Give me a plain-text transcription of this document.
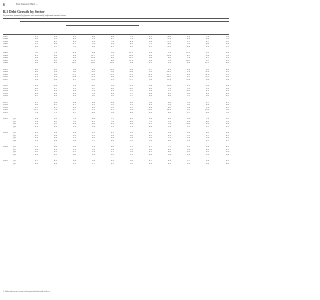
6	Fed. Reserve Bull. ...
B.1 Debt Growth by Sector
In percent; quarterly figures are seasonally adjusted annual rates
1997		5.1	4.9	6.7	6.4	6.8	7.1	6.2	-0.6	5.3	7.9	5.4
1998		6.6	5.2	8.4	7.4	8.7	7.9	6.9	-1.4	4.9	9.8	7.0
1999		5.4	6.1	8.5	9.4	7.8	8.9	9.6	-1.9	5.7	8.7	6.2
2000		5.1	4.4	8.7	7.6	9.5	8.2	7.1	-8.0	1.3	9.6	4.8
2001		6.0	5.2	7.5	8.4	6.7	9.1	9.7	-0.2	8.9	5.3	5.1

2002		7.0	7.9	6.9	9.8	2.4	11.2	9.4	7.6	11.3	3.1	4.8
2003		8.1	8.3	8.9	11.7	2.5	13.6	4.9	10.9	8.1	5.4	7.8
2004		8.8	8.6	9.6	11.4	6.0	12.2	5.6	9.0	7.8	6.7	9.3
2005		9.4	9.1	9.9	11.1	8.6	11.3	4.4	7.0	10.2	9.7	8.1
2006		9.0	8.6	10.2	10.0	10.6	9.8	4.1	3.9	8.3	11.2	8.0

2007		8.6	8.2	9.8	6.8	13.3	6.6	5.7	4.9	9.4	9.5	8.6
2008		6.0	5.8	0.0	-0.3	5.0	-0.6	1.4	24.2	2.3	-3.4	5.5
2009		3.4	3.0	-1.5	-1.6	-2.5	-1.2	-4.4	22.7	4.8	-4.3	3.2
2010		4.1	4.3	-0.8	-2.3	0.8	-3.3	-1.3	20.2	3.5	-2.2	3.9
2011		3.8	3.6	0.7	-1.0	3.2	-1.7	2.8	11.4	-1.8	0.4	3.8

2012		4.9	4.6	2.4	-0.5	5.6	-1.3	5.8	10.9	2.1	3.6	4.4
2013		4.0	3.7	3.1	0.7	6.0	-0.2	6.0	7.0	1.0	3.3	3.8
2014		4.1	4.3	3.8	1.9	6.1	1.5	5.8	5.1	-0.5	4.3	4.3
2015		4.8	4.6	4.0	2.4	6.3	1.7	6.8	6.5	0.9	4.9	4.4
2016		4.2	4.4	4.3	3.0	5.5	2.7	6.3	6.4	1.2	5.0	4.5

2017		4.1	4.4	4.8	3.6	6.8	3.0	5.4	4.6	1.0	5.7	4.7
2018		4.6	4.2	4.7	3.2	5.2	3.1	4.4	5.4	2.0	4.8	4.6
2019		4.7	4.7	4.5	3.3	5.3	3.7	4.8	6.0	1.6	5.3	4.2
2020		11.2	7.3	6.7	5.1	9.7	5.4	-0.5	26.3	5.2	11.0	5.0
2021		7.8	7.2	6.7	8.0	5.6	8.6	6.3	9.0	3.7	4.6	7.0

2022	Q1	6.9	6.3	7.9	8.6	7.7	8.2	5.6	4.3	1.8	7.9	6.1
	Q2	5.8	6.5	7.6	8.1	7.4	8.0	7.2	2.9	0.4	8.0	5.3
	Q3	4.9	5.2	6.8	6.6	6.2	6.4	8.1	2.4	-0.6	6.3	4.8
	Q4	4.1	4.3	5.3	5.4	5.1	5.3	6.6	1.6	1.1	5.2	3.2

2023	Q1	4.3	4.4	3.8	3.5	4.1	3.1	4.2	5.6	1.8	4.0	3.8
	Q2	4.2	3.8	3.5	3.2	3.9	3.0	4.5	6.1	2.2	3.7	4.1
	Q3	4.9	4.6	3.1	3.0	3.4	2.8	3.5	7.6	2.4	2.9	4.3
	Q4	5.3	4.8	3.6	2.7	4.4	2.5	2.9	8.4	3.3	4.2	4.7

2024	Q1	5.1	4.6	3.4	2.9	4.0	2.7	3.7	7.2	3.1	3.9	4.5
	Q2	4.8	4.4	3.3	2.6	3.8	2.3	4.6	6.5	2.6	3.6	4.2
	Q3	4.5	4.2	3.2	2.6	3.7	2.4	4.1	6.0	2.0	3.5	3.9
	Q4	4.3	4.1	3.0	2.4	3.5	2.1	4.4	5.8	1.8	3.3	3.6

2025	Q1	4.7	4.5	3.6	2.8	4.2	2.6	4.7	6.3	2.7	3.9	4.1
	Q2	4.6	4.4	3.5	2.7	4.1	2.5	4.3	6.2	2.4	3.8	4.0
1. Data shown are on an end-of-period basis and reflect ...
